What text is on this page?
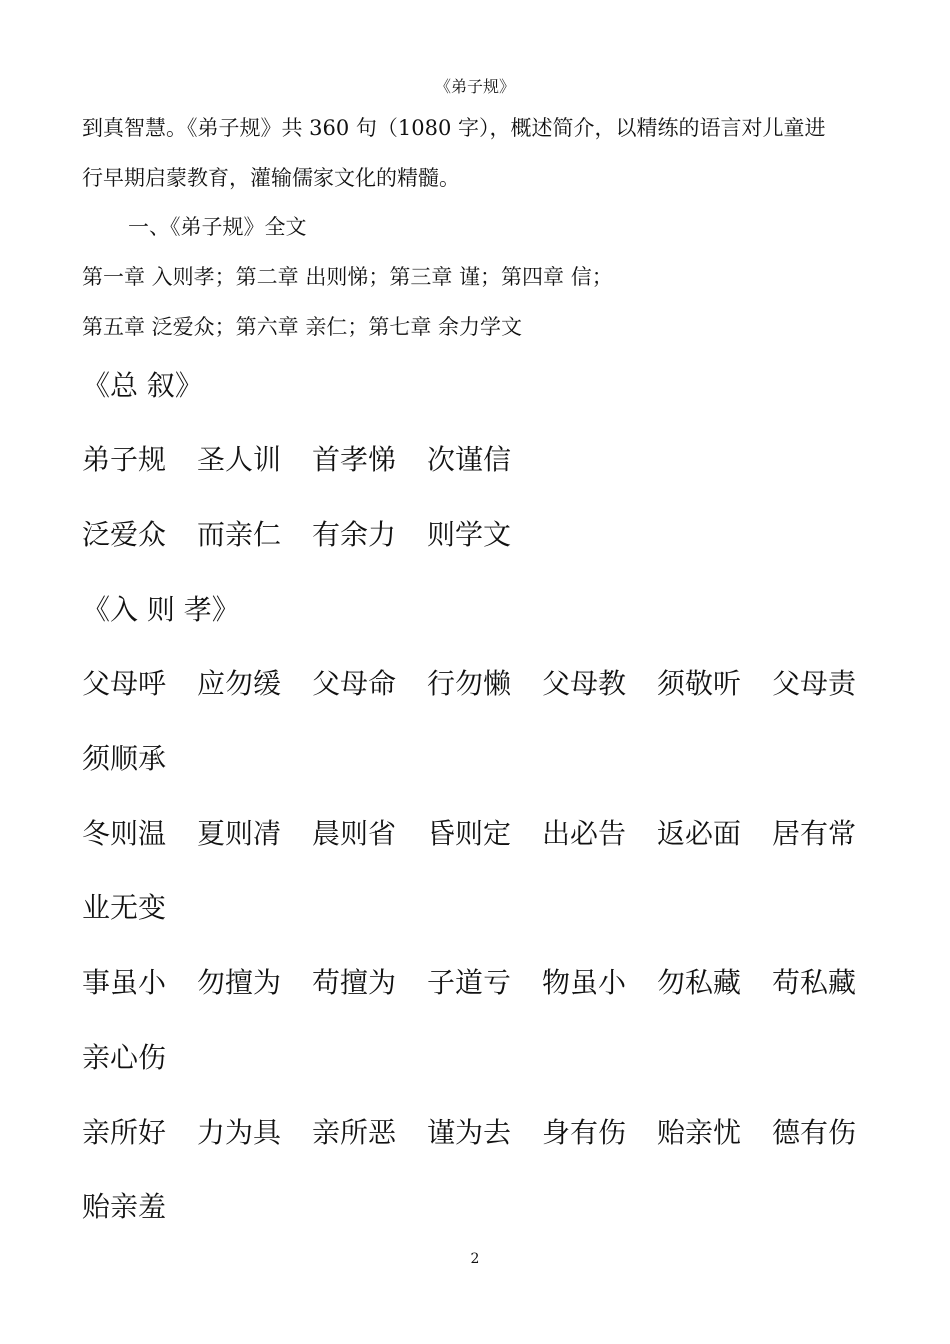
《弟子规》
到真智慧。《弟子规》共 360 句（1080 字），概述简介，以精练的语言对儿童进
行早期启蒙教育，灌输儒家文化的精髓。
一、《弟子规》全文
第一章 入则孝；第二章 出则悌；第三章 谨；第四章 信；
第五章 泛爱众；第六章 亲仁；第七章 余力学文
《总 叙》
弟子规 圣人训 首孝悌 次谨信
泛爱众 而亲仁 有余力 则学文
《入 则 孝》
父母呼 应勿缓 父母命 行勿懒 父母教 须敬听 父母责
须顺承
冬则温 夏则凊 晨则省 昏则定 出必告 返必面 居有常
业无变
事虽小 勿擅为 苟擅为 子道亏 物虽小 勿私藏 苟私藏
亲心伤
亲所好 力为具 亲所恶 谨为去 身有伤 贻亲忧 德有伤
贻亲羞
2
